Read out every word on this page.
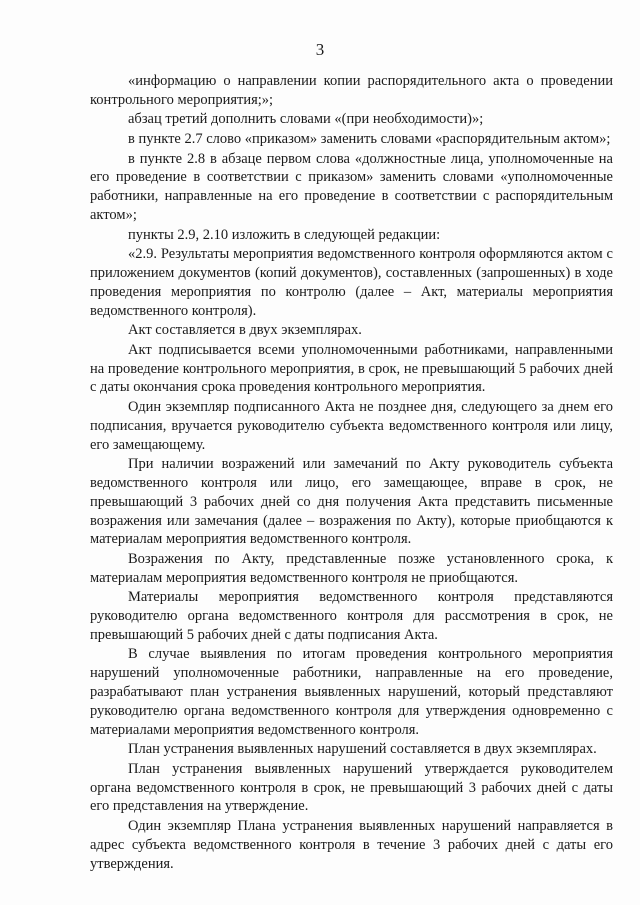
3

«информацию о направлении копии распорядительного акта о проведении контрольного мероприятия;»;

абзац третий дополнить словами «(при необходимости)»;

в пункте 2.7 слово «приказом» заменить словами «распорядительным актом»;

в пункте 2.8 в абзаце первом слова «должностные лица, уполномоченные на его проведение в соответствии с приказом» заменить словами «уполномоченные работники, направленные на его проведение в соответствии с распорядительным актом»;

пункты 2.9, 2.10 изложить в следующей редакции:

«2.9. Результаты мероприятия ведомственного контроля оформляются актом с приложением документов (копий документов), составленных (запрошенных) в ходе проведения мероприятия по контролю (далее – Акт, материалы мероприятия ведомственного контроля).

Акт составляется в двух экземплярах.

Акт подписывается всеми уполномоченными работниками, направленными на проведение контрольного мероприятия, в срок, не превышающий 5 рабочих дней с даты окончания срока проведения контрольного мероприятия.

Один экземпляр подписанного Акта не позднее дня, следующего за днем его подписания, вручается руководителю субъекта ведомственного контроля или лицу, его замещающему.

При наличии возражений или замечаний по Акту руководитель субъекта ведомственного контроля или лицо, его замещающее, вправе в срок, не превышающий 3 рабочих дней со дня получения Акта представить письменные возражения или замечания (далее – возражения по Акту), которые приобщаются к материалам мероприятия ведомственного контроля.

Возражения по Акту, представленные позже установленного срока, к материалам мероприятия ведомственного контроля не приобщаются.

Материалы мероприятия ведомственного контроля представляются руководителю органа ведомственного контроля для рассмотрения в срок, не превышающий 5 рабочих дней с даты подписания Акта.

В случае выявления по итогам проведения контрольного мероприятия нарушений уполномоченные работники, направленные на его проведение, разрабатывают план устранения выявленных нарушений, который представляют руководителю органа ведомственного контроля для утверждения одновременно с материалами мероприятия ведомственного контроля.

План устранения выявленных нарушений составляется в двух экземплярах.

План устранения выявленных нарушений утверждается руководителем органа ведомственного контроля в срок, не превышающий 3 рабочих дней с даты его представления на утверждение.

Один экземпляр Плана устранения выявленных нарушений направляется в адрес субъекта ведомственного контроля в течение 3 рабочих дней с даты его утверждения.
